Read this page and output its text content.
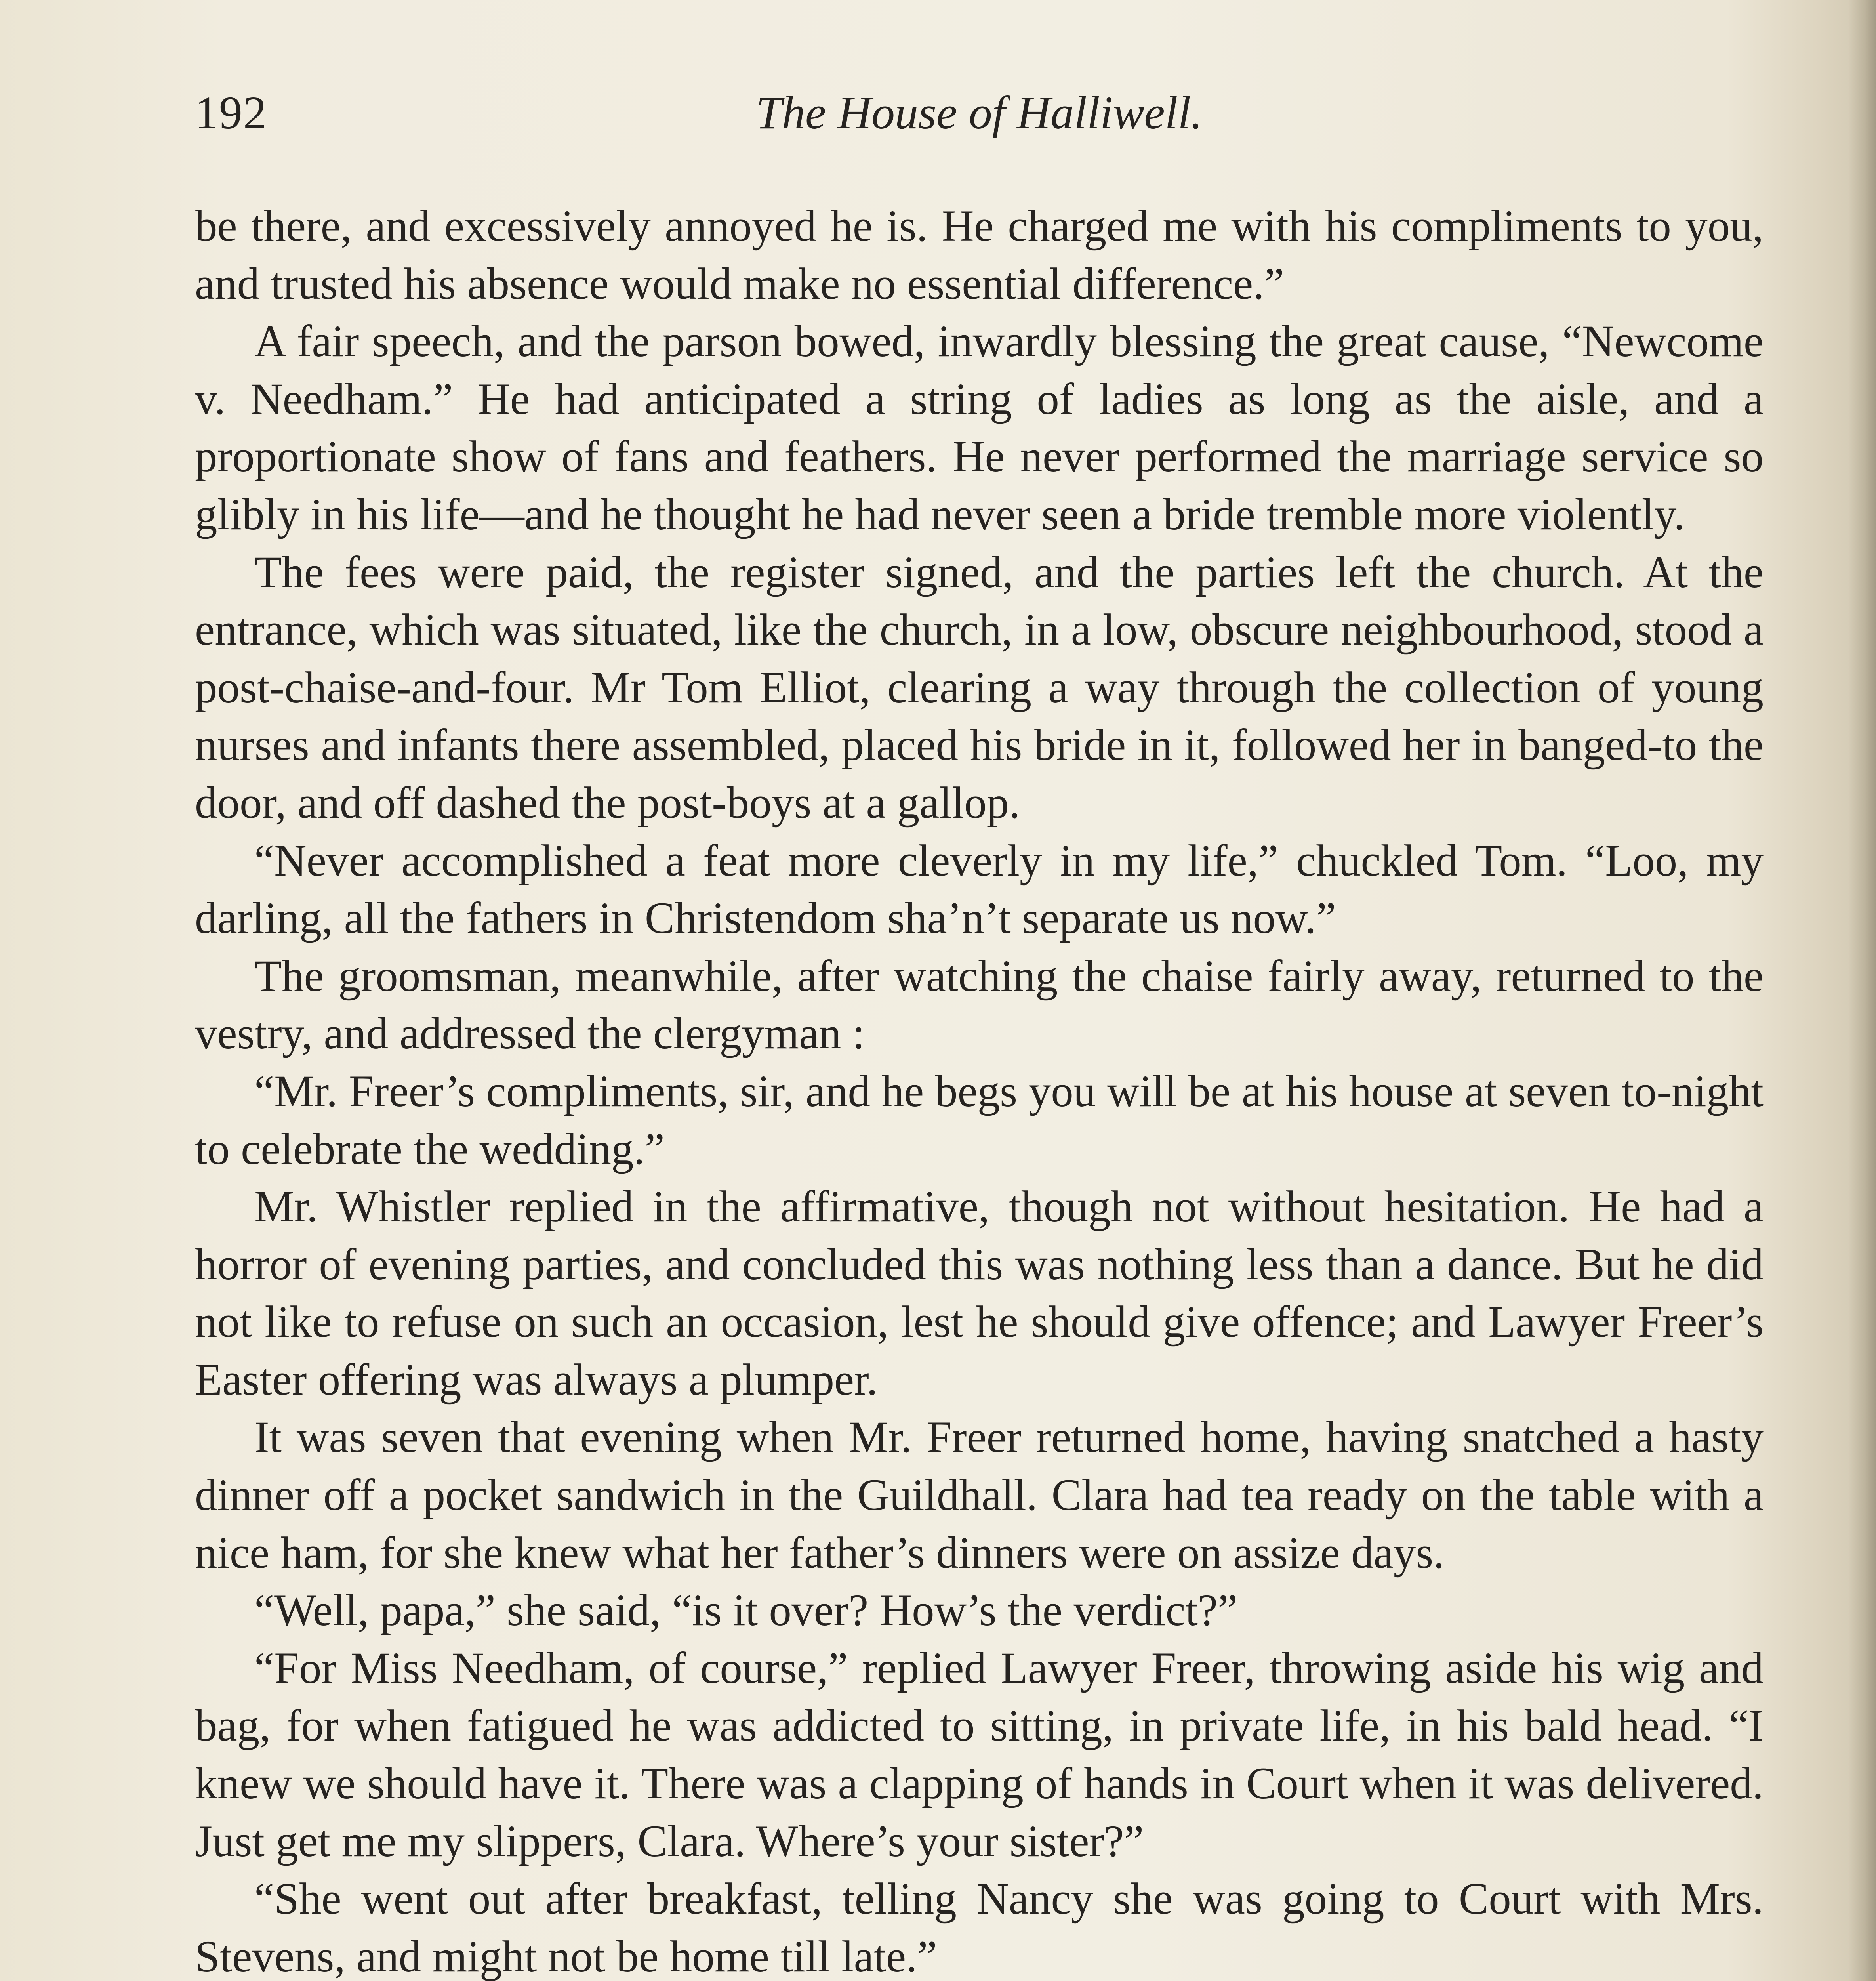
192	The House of Halliwell.

be there, and excessively annoyed he is. He charged me with his compliments to you, and trusted his absence would make no essential difference.”

A fair speech, and the parson bowed, inwardly blessing the great cause, “Newcome v. Needham.” He had anticipated a string of ladies as long as the aisle, and a proportionate show of fans and feathers. He never performed the marriage service so glibly in his life—and he thought he had never seen a bride tremble more violently.

The fees were paid, the register signed, and the parties left the church. At the entrance, which was situated, like the church, in a low, obscure neighbourhood, stood a post-chaise-and-four. Mr Tom Elliot, clearing a way through the collection of young nurses and infants there assembled, placed his bride in it, followed her in banged-to the door, and off dashed the post-boys at a gallop.

“Never accomplished a feat more cleverly in my life,” chuckled Tom. “Loo, my darling, all the fathers in Christendom sha’n’t separate us now.”

The groomsman, meanwhile, after watching the chaise fairly away, returned to the vestry, and addressed the clergyman :

“Mr. Freer’s compliments, sir, and he begs you will be at his house at seven to-night to celebrate the wedding.”

Mr. Whistler replied in the affirmative, though not without hesitation. He had a horror of evening parties, and concluded this was nothing less than a dance. But he did not like to refuse on such an occasion, lest he should give offence; and Lawyer Freer’s Easter offering was always a plumper.

It was seven that evening when Mr. Freer returned home, having snatched a hasty dinner off a pocket sandwich in the Guildhall. Clara had tea ready on the table with a nice ham, for she knew what her father’s dinners were on assize days.

“Well, papa,” she said, “is it over? How’s the verdict?”

“For Miss Needham, of course,” replied Lawyer Freer, throwing aside his wig and bag, for when fatigued he was addicted to sitting, in private life, in his bald head. “I knew we should have it. There was a clapping of hands in Court when it was delivered. Just get me my slippers, Clara. Where’s your sister?”

“She went out after breakfast, telling Nancy she was going to Court with Mrs. Stevens, and might not be home till late.”
